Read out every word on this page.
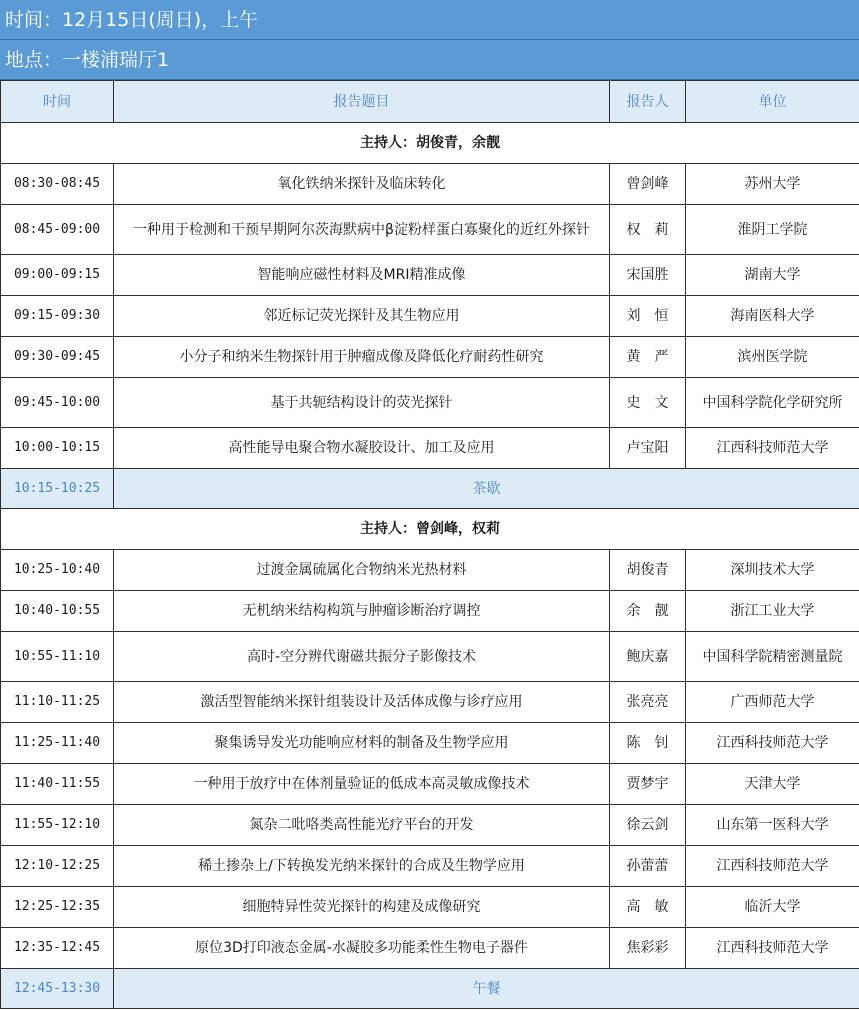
时间：12月15日(周日)，上午
地点：一楼浦瑞厅1
时间	报告题目	报告人	单位
主持人：胡俊青，余靓			
08:30-08:45	氧化铁纳米探针及临床转化	曾剑峰	苏州大学
08:45-09:00	一种用于检测和干预早期阿尔茨海默病中β淀粉样蛋白寡聚化的近红外探针	权　莉	淮阴工学院
09:00-09:15	智能响应磁性材料及MRI精准成像	宋国胜	湖南大学
09:15-09:30	邻近标记荧光探针及其生物应用	刘　恒	海南医科大学
09:30-09:45	小分子和纳米生物探针用于肿瘤成像及降低化疗耐药性研究	黄　严	滨州医学院
09:45-10:00	基于共轭结构设计的荧光探针	史　文	中国科学院化学研究所
10:00-10:15	高性能导电聚合物水凝胶设计、加工及应用	卢宝阳	江西科技师范大学
10:15-10:25	茶歇		
主持人：曾剑峰，权莉			
10:25-10:40	过渡金属硫属化合物纳米光热材料	胡俊青	深圳技术大学
10:40-10:55	无机纳米结构构筑与肿瘤诊断治疗调控	余　靓	浙江工业大学
10:55-11:10	高时-空分辨代谢磁共振分子影像技术	鲍庆嘉	中国科学院精密测量院
11:10-11:25	激活型智能纳米探针组装设计及活体成像与诊疗应用	张亮亮	广西师范大学
11:25-11:40	聚集诱导发光功能响应材料的制备及生物学应用	陈　钊	江西科技师范大学
11:40-11:55	一种用于放疗中在体剂量验证的低成本高灵敏成像技术	贾梦宇	天津大学
11:55-12:10	氮杂二吡咯类高性能光疗平台的开发	徐云剑	山东第一医科大学
12:10-12:25	稀土掺杂上/下转换发光纳米探针的合成及生物学应用	孙蕾蕾	江西科技师范大学
12:25-12:35	细胞特异性荧光探针的构建及成像研究	高　敏	临沂大学
12:35-12:45	原位3D打印液态金属-水凝胶多功能柔性生物电子器件	焦彩彩	江西科技师范大学
12:45-13:30	午餐		
